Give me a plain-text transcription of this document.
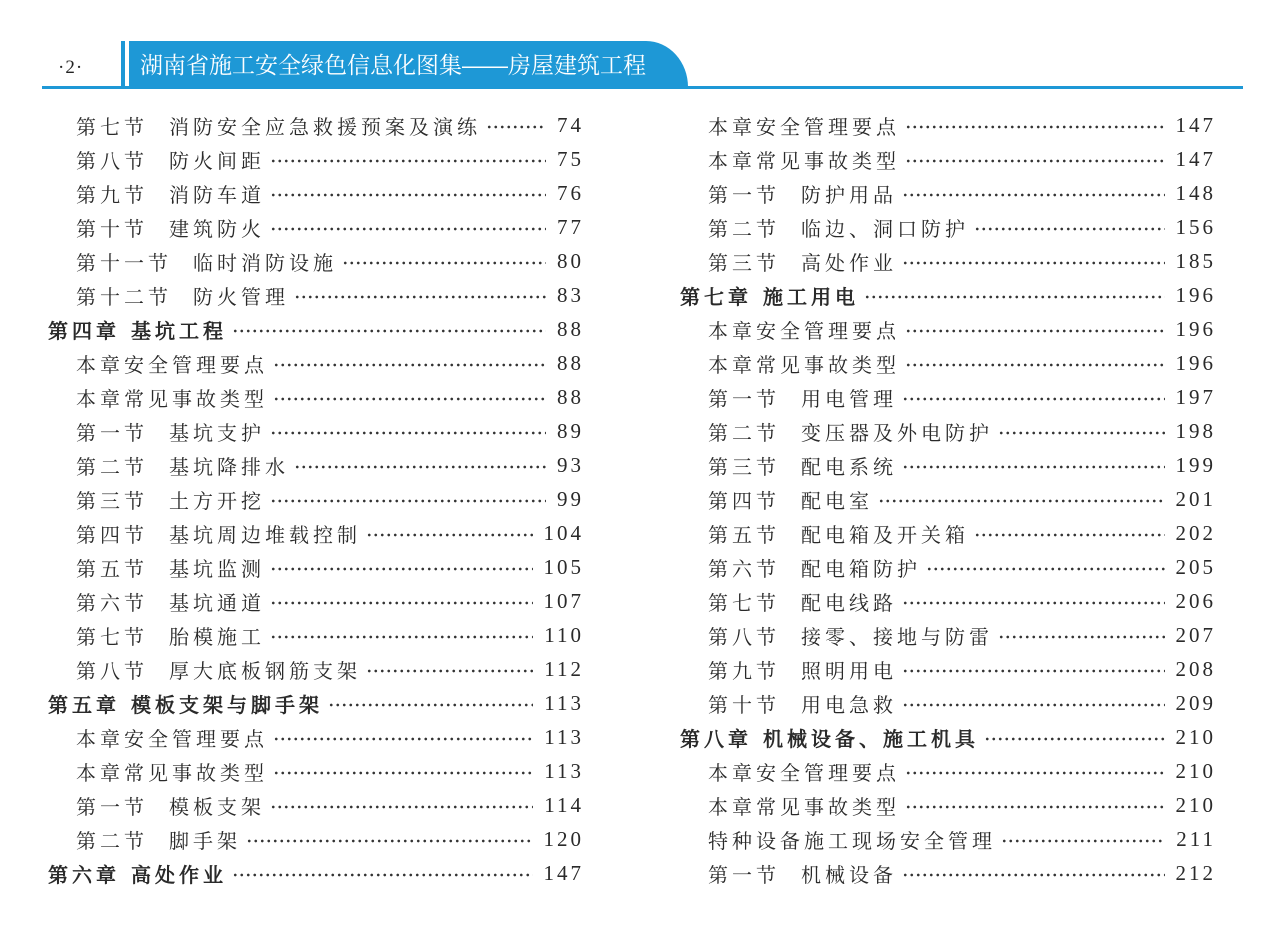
·2· 湖南省施工安全绿色信息化图集——房屋建筑工程
第七节 消防安全应急救援预案及演练	74
第八节 防火间距	75
第九节 消防车道	76
第十节 建筑防火	77
第十一节 临时消防设施	80
第十二节 防火管理	83
第四章 基坑工程	88
本章安全管理要点	88
本章常见事故类型	88
第一节 基坑支护	89
第二节 基坑降排水	93
第三节 土方开挖	99
第四节 基坑周边堆载控制	104
第五节 基坑监测	105
第六节 基坑通道	107
第七节 胎模施工	110
第八节 厚大底板钢筋支架	112
第五章 模板支架与脚手架	113
本章安全管理要点	113
本章常见事故类型	113
第一节 模板支架	114
第二节 脚手架	120
第六章 高处作业	147
本章安全管理要点	147
本章常见事故类型	147
第一节 防护用品	148
第二节 临边、洞口防护	156
第三节 高处作业	185
第七章 施工用电	196
本章安全管理要点	196
本章常见事故类型	196
第一节 用电管理	197
第二节 变压器及外电防护	198
第三节 配电系统	199
第四节 配电室	201
第五节 配电箱及开关箱	202
第六节 配电箱防护	205
第七节 配电线路	206
第八节 接零、接地与防雷	207
第九节 照明用电	208
第十节 用电急救	209
第八章 机械设备、施工机具	210
本章安全管理要点	210
本章常见事故类型	210
特种设备施工现场安全管理	211
第一节 机械设备	212
